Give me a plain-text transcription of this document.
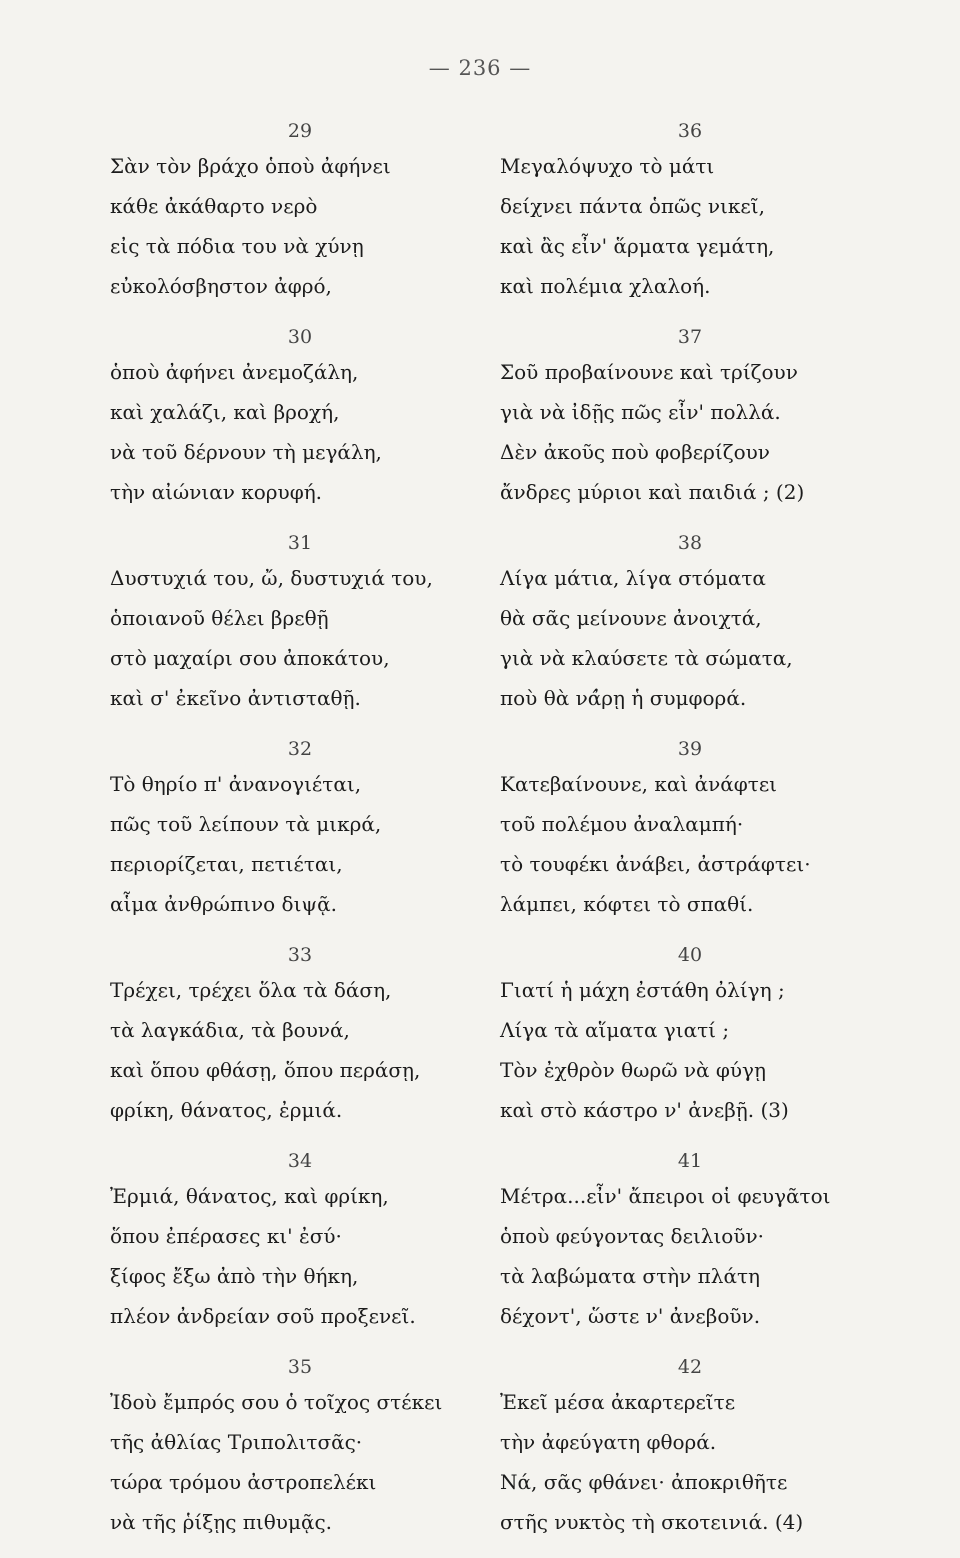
— 236 —
29
Σὰν τὸν βράχο ὁποὺ ἀφήνει
κάθε ἀκάθαρτο νερὸ
εἰς τὰ πόδια του νὰ χύνῃ
εὐκολόσβηστον ἀφρό,
30
ὁποὺ ἀφήνει ἀνεμοζάλη,
καὶ χαλάζι, καὶ βροχή,
νὰ τοῦ δέρνουν τὴ μεγάλη,
τὴν αἰώνιαν κορυφή.
31
Δυστυχιά του, ὤ, δυστυχιά του,
ὁποιανοῦ θέλει βρεθῇ
στὸ μαχαίρι σου ἀποκάτου,
καὶ σ' ἐκεῖνο ἀντισταθῇ.
32
Τὸ θηρίο π' ἀνανογιέται,
πῶς τοῦ λείπουν τὰ μικρά,
περιορίζεται, πετιέται,
αἷμα ἀνθρώπινο διψᾷ.
33
Τρέχει, τρέχει ὅλα τὰ δάση,
τὰ λαγκάδια, τὰ βουνά,
καὶ ὅπου φθάσῃ, ὅπου περάσῃ,
φρίκη, θάνατος, ἐρμιά.
34
Ἐρμιά, θάνατος, καὶ φρίκη,
ὅπου ἐπέρασες κι' ἐσύ·
ξίφος ἔξω ἀπὸ τὴν θήκη,
πλέον ἀνδρείαν σοῦ προξενεῖ.
35
Ἰδοὺ ἔμπρός σου ὁ τοῖχος στέκει
τῆς ἀθλίας Τριπολιτσᾶς·
τώρα τρόμου ἀστροπελέκι
νὰ τῆς ῥίξῃς πιθυμᾷς.
36
Μεγαλόψυχο τὸ μάτι
δείχνει πάντα ὁπῶς νικεῖ,
καὶ ἂς εἶν' ἅρματα γεμάτη,
καὶ πολέμια χλαλοή.
37
Σοῦ προβαίνουνε καὶ τρίζουν
γιὰ νὰ ἰδῇς πῶς εἶν' πολλά.
Δὲν ἀκοῦς ποὺ φοβερίζουν
ἄνδρες μύριοι καὶ παιδιά ; (2)
38
Λίγα μάτια, λίγα στόματα
θὰ σᾶς μείνουνε ἀνοιχτά,
γιὰ νὰ κλαύσετε τὰ σώματα,
ποὺ θὰ νά̓ρῃ ἡ συμφορά.
39
Κατεβαίνουνε, καὶ ἀνάφτει
τοῦ πολέμου ἀναλαμπή·
τὸ τουφέκι ἀνάβει, ἀστράφτει·
λάμπει, κόφτει τὸ σπαθί.
40
Γιατί ἡ μάχη ἐστάθη ὀλίγη ;
Λίγα τὰ αἵματα γιατί ;
Τὸν ἐχθρὸν θωρῶ νὰ φύγῃ
καὶ στὸ κάστρο ν' ἀνεβῇ. (3)
41
Μέτρα...εἶν' ἄπειροι οἱ φευγᾶτοι
ὁποὺ φεύγοντας δειλιοῦν·
τὰ λαβώματα στὴν πλάτη
δέχοντ', ὥστε ν' ἀνεβοῦν.
42
Ἐκεῖ μέσα ἀκαρτερεῖτε
τὴν ἀφεύγατη φθορά.
Νά, σᾶς φθάνει· ἀποκριθῆτε
στῆς νυκτὸς τὴ σκοτεινιά. (4)
